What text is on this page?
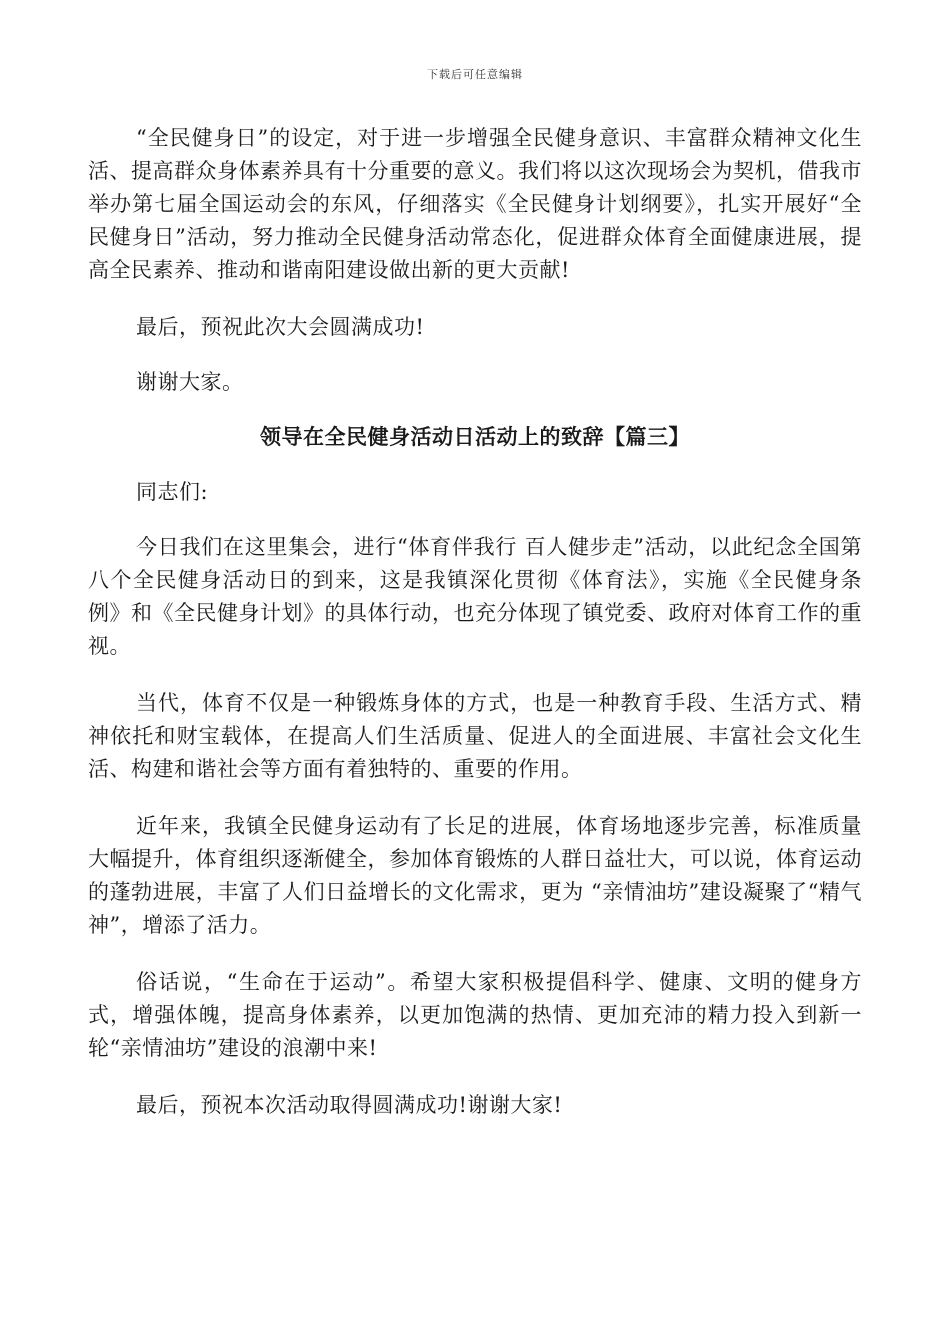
下载后可任意编辑

“全民健身日”的设定，对于进一步增强全民健身意识、丰富群众精神文化生活、提高群众身体素养具有十分重要的意义。我们将以这次现场会为契机，借我市举办第七届全国运动会的东风，仔细落实《全民健身计划纲要》，扎实开展好“全民健身日”活动，努力推动全民健身活动常态化，促进群众体育全面健康进展，提高全民素养、推动和谐南阳建设做出新的更大贡献!

最后，预祝此次大会圆满成功!

谢谢大家。

领导在全民健身活动日活动上的致辞【篇三】

同志们:

今日我们在这里集会，进行“体育伴我行 百人健步走”活动，以此纪念全国第八个全民健身活动日的到来，这是我镇深化贯彻《体育法》，实施《全民健身条例》和《全民健身计划》的具体行动，也充分体现了镇党委、政府对体育工作的重视。

当代，体育不仅是一种锻炼身体的方式，也是一种教育手段、生活方式、精神依托和财宝载体，在提高人们生活质量、促进人的全面进展、丰富社会文化生活、构建和谐社会等方面有着独特的、重要的作用。

近年来，我镇全民健身运动有了长足的进展，体育场地逐步完善，标准质量大幅提升，体育组织逐渐健全，参加体育锻炼的人群日益壮大，可以说，体育运动的蓬勃进展，丰富了人们日益增长的文化需求，更为 “亲情油坊”建设凝聚了“精气神”，增添了活力。

俗话说，“生命在于运动”。希望大家积极提倡科学、健康、文明的健身方式，增强体魄，提高身体素养，以更加饱满的热情、更加充沛的精力投入到新一轮“亲情油坊”建设的浪潮中来!

最后，预祝本次活动取得圆满成功!谢谢大家!
